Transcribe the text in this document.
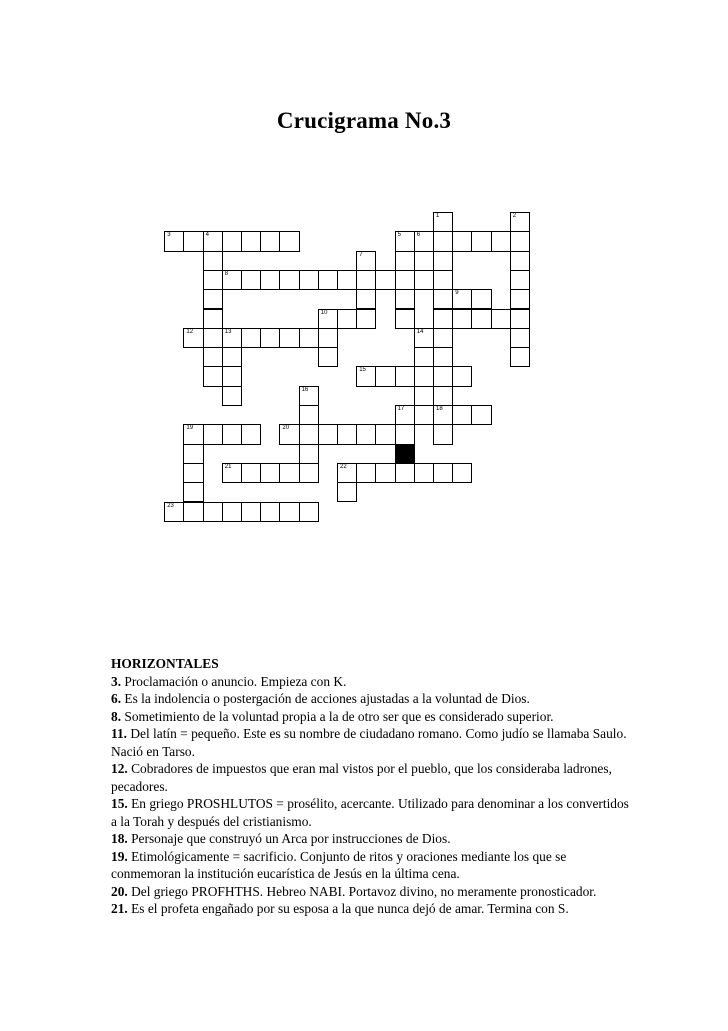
Crucigrama No.3
1	2
3	4	5	6
7
8
9
10
12	13	14
15
16
17	18
19	20
21	22
23
HORIZONTALES
3. Proclamación o anuncio. Empieza con K.
6. Es la indolencia o postergación de acciones ajustadas a la voluntad de Dios.
8. Sometimiento de la voluntad propia a la de otro ser que es considerado superior.
11. Del latín = pequeño. Este es su nombre de ciudadano romano. Como judío se llamaba Saulo. Nació en Tarso.
12. Cobradores de impuestos que eran mal vistos por el pueblo, que los consideraba ladrones, pecadores.
15. En griego PROSHLUTOS = prosélito, acercante. Utilizado para denominar a los convertidos a la Torah y después del cristianismo.
18. Personaje que construyó un Arca por instrucciones de Dios.
19. Etimológicamente = sacrificio. Conjunto de ritos y oraciones mediante los que se conmemoran la institución eucarística de Jesús en la última cena.
20. Del griego PROFHTHS. Hebreo NABI. Portavoz divino, no meramente pronosticador.
21. Es el profeta engañado por su esposa a la que nunca dejó de amar. Termina con S.
